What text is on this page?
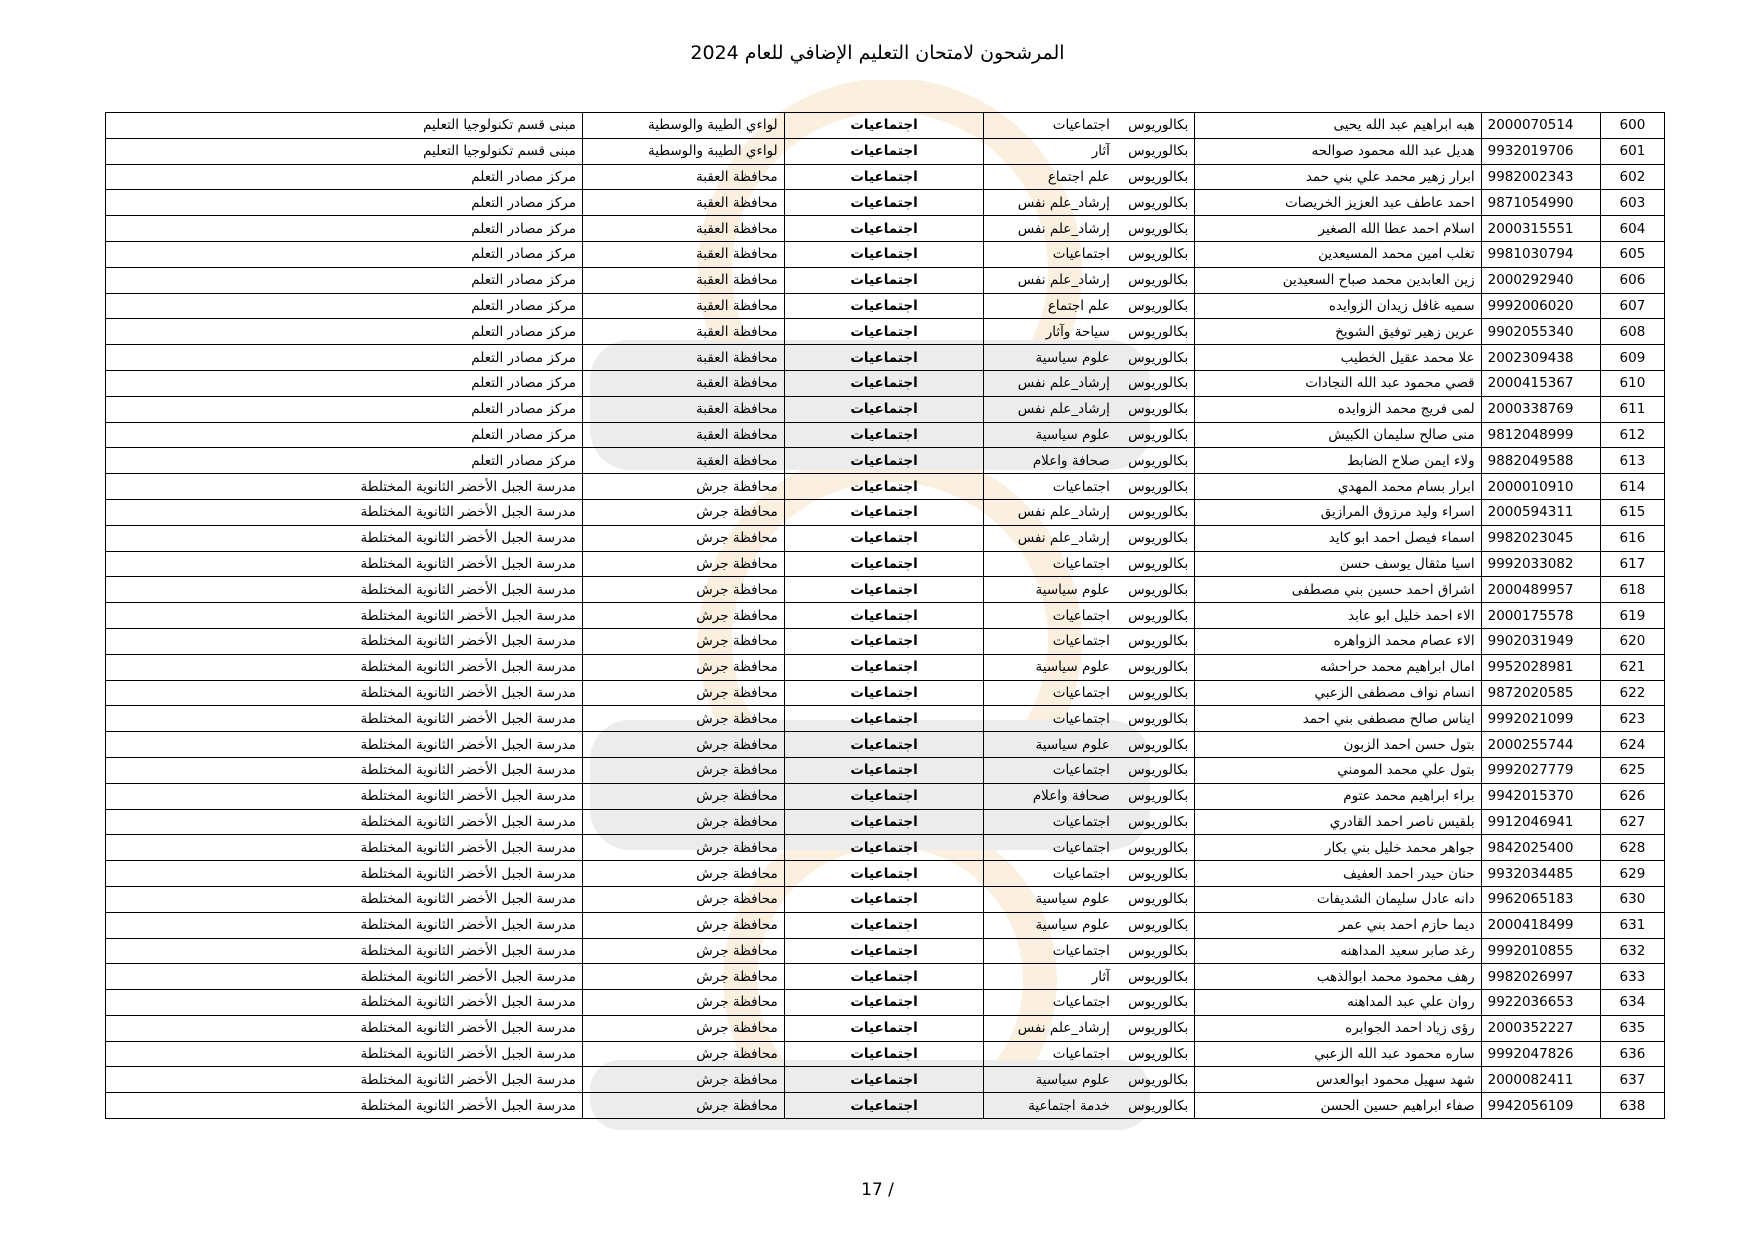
المرشحون لامتحان التعليم الإضافي للعام 2024
600	2000070514	هبه ابراهيم عبد الله يحيى	بكالوريوس	اجتماعيات	اجتماعيات	لواءي الطيبة والوسطية	مبنى قسم تكنولوجيا التعليم
601	9932019706	هديل عبد الله محمود صوالحه	بكالوريوس	آثار	اجتماعيات	لواءي الطيبة والوسطية	مبنى قسم تكنولوجيا التعليم
602	9982002343	ابرار زهير محمد علي بني حمد	بكالوريوس	علم اجتماع	اجتماعيات	محافظة العقبة	مركز مصادر التعلم
603	9871054990	احمد عاطف عبد العزيز الخريصات	بكالوريوس	إرشاد_علم نفس	اجتماعيات	محافظة العقبة	مركز مصادر التعلم
604	2000315551	اسلام احمد عطا الله الصغير	بكالوريوس	إرشاد_علم نفس	اجتماعيات	محافظة العقبة	مركز مصادر التعلم
605	9981030794	تغلب امين محمد المسيعدين	بكالوريوس	اجتماعيات	اجتماعيات	محافظة العقبة	مركز مصادر التعلم
606	2000292940	زين العابدين محمد صباح السعيدين	بكالوريوس	إرشاد_علم نفس	اجتماعيات	محافظة العقبة	مركز مصادر التعلم
607	9992006020	سميه غافل زيدان الزوايده	بكالوريوس	علم اجتماع	اجتماعيات	محافظة العقبة	مركز مصادر التعلم
608	9902055340	عرين زهير توفيق الشويخ	بكالوريوس	سياحة وآثار	اجتماعيات	محافظة العقبة	مركز مصادر التعلم
609	2002309438	علا محمد عقيل الخطيب	بكالوريوس	علوم سياسية	اجتماعيات	محافظة العقبة	مركز مصادر التعلم
610	2000415367	قصي محمود عبد الله النجادات	بكالوريوس	إرشاد_علم نفس	اجتماعيات	محافظة العقبة	مركز مصادر التعلم
611	2000338769	لمى فريج محمد الزوايده	بكالوريوس	إرشاد_علم نفس	اجتماعيات	محافظة العقبة	مركز مصادر التعلم
612	9812048999	منى صالح سليمان الكبيش	بكالوريوس	علوم سياسية	اجتماعيات	محافظة العقبة	مركز مصادر التعلم
613	9882049588	ولاء ايمن صلاح الضابط	بكالوريوس	صحافة واعلام	اجتماعيات	محافظة العقبة	مركز مصادر التعلم
614	2000010910	ابرار بسام محمد المهدي	بكالوريوس	اجتماعيات	اجتماعيات	محافظة جرش	مدرسة الجبل الأخضر الثانوية المختلطة
615	2000594311	اسراء وليد مرزوق المرازيق	بكالوريوس	إرشاد_علم نفس	اجتماعيات	محافظة جرش	مدرسة الجبل الأخضر الثانوية المختلطة
616	9982023045	اسماء فيصل احمد ابو كايد	بكالوريوس	إرشاد_علم نفس	اجتماعيات	محافظة جرش	مدرسة الجبل الأخضر الثانوية المختلطة
617	9992033082	اسيا مثقال يوسف حسن	بكالوريوس	اجتماعيات	اجتماعيات	محافظة جرش	مدرسة الجبل الأخضر الثانوية المختلطة
618	2000489957	اشراق احمد حسين بني مصطفى	بكالوريوس	علوم سياسية	اجتماعيات	محافظة جرش	مدرسة الجبل الأخضر الثانوية المختلطة
619	2000175578	الاء احمد خليل ابو عابد	بكالوريوس	اجتماعيات	اجتماعيات	محافظة جرش	مدرسة الجبل الأخضر الثانوية المختلطة
620	9902031949	الاء عصام محمد الزواهره	بكالوريوس	اجتماعيات	اجتماعيات	محافظة جرش	مدرسة الجبل الأخضر الثانوية المختلطة
621	9952028981	امال ابراهيم محمد حراحشه	بكالوريوس	علوم سياسية	اجتماعيات	محافظة جرش	مدرسة الجبل الأخضر الثانوية المختلطة
622	9872020585	انسام نواف مصطفى الزعبي	بكالوريوس	اجتماعيات	اجتماعيات	محافظة جرش	مدرسة الجبل الأخضر الثانوية المختلطة
623	9992021099	ايناس صالح مصطفى بني احمد	بكالوريوس	اجتماعيات	اجتماعيات	محافظة جرش	مدرسة الجبل الأخضر الثانوية المختلطة
624	2000255744	بتول حسن احمد الزبون	بكالوريوس	علوم سياسية	اجتماعيات	محافظة جرش	مدرسة الجبل الأخضر الثانوية المختلطة
625	9992027779	بتول علي محمد المومني	بكالوريوس	اجتماعيات	اجتماعيات	محافظة جرش	مدرسة الجبل الأخضر الثانوية المختلطة
626	9942015370	براء ابراهيم محمد عتوم	بكالوريوس	صحافة واعلام	اجتماعيات	محافظة جرش	مدرسة الجبل الأخضر الثانوية المختلطة
627	9912046941	بلقيس ناصر احمد القادري	بكالوريوس	اجتماعيات	اجتماعيات	محافظة جرش	مدرسة الجبل الأخضر الثانوية المختلطة
628	9842025400	جواهر محمد خليل بني بكار	بكالوريوس	اجتماعيات	اجتماعيات	محافظة جرش	مدرسة الجبل الأخضر الثانوية المختلطة
629	9932034485	حنان حيدر احمد العفيف	بكالوريوس	اجتماعيات	اجتماعيات	محافظة جرش	مدرسة الجبل الأخضر الثانوية المختلطة
630	9962065183	دانه عادل سليمان الشديفات	بكالوريوس	علوم سياسية	اجتماعيات	محافظة جرش	مدرسة الجبل الأخضر الثانوية المختلطة
631	2000418499	ديما حازم احمد بني عمر	بكالوريوس	علوم سياسية	اجتماعيات	محافظة جرش	مدرسة الجبل الأخضر الثانوية المختلطة
632	9992010855	رغد صابر سعيد المداهنه	بكالوريوس	اجتماعيات	اجتماعيات	محافظة جرش	مدرسة الجبل الأخضر الثانوية المختلطة
633	9982026997	رهف محمود محمد ابوالذهب	بكالوريوس	آثار	اجتماعيات	محافظة جرش	مدرسة الجبل الأخضر الثانوية المختلطة
634	9922036653	روان علي عبد المداهنه	بكالوريوس	اجتماعيات	اجتماعيات	محافظة جرش	مدرسة الجبل الأخضر الثانوية المختلطة
635	2000352227	رؤى زياد احمد الجوابره	بكالوريوس	إرشاد_علم نفس	اجتماعيات	محافظة جرش	مدرسة الجبل الأخضر الثانوية المختلطة
636	9992047826	ساره محمود عبد الله الزعبي	بكالوريوس	اجتماعيات	اجتماعيات	محافظة جرش	مدرسة الجبل الأخضر الثانوية المختلطة
637	2000082411	شهد سهيل محمود ابوالعدس	بكالوريوس	علوم سياسية	اجتماعيات	محافظة جرش	مدرسة الجبل الأخضر الثانوية المختلطة
638	9942056109	صفاء ابراهيم حسين الحسن	بكالوريوس	خدمة اجتماعية	اجتماعيات	محافظة جرش	مدرسة الجبل الأخضر الثانوية المختلطة
17 /
